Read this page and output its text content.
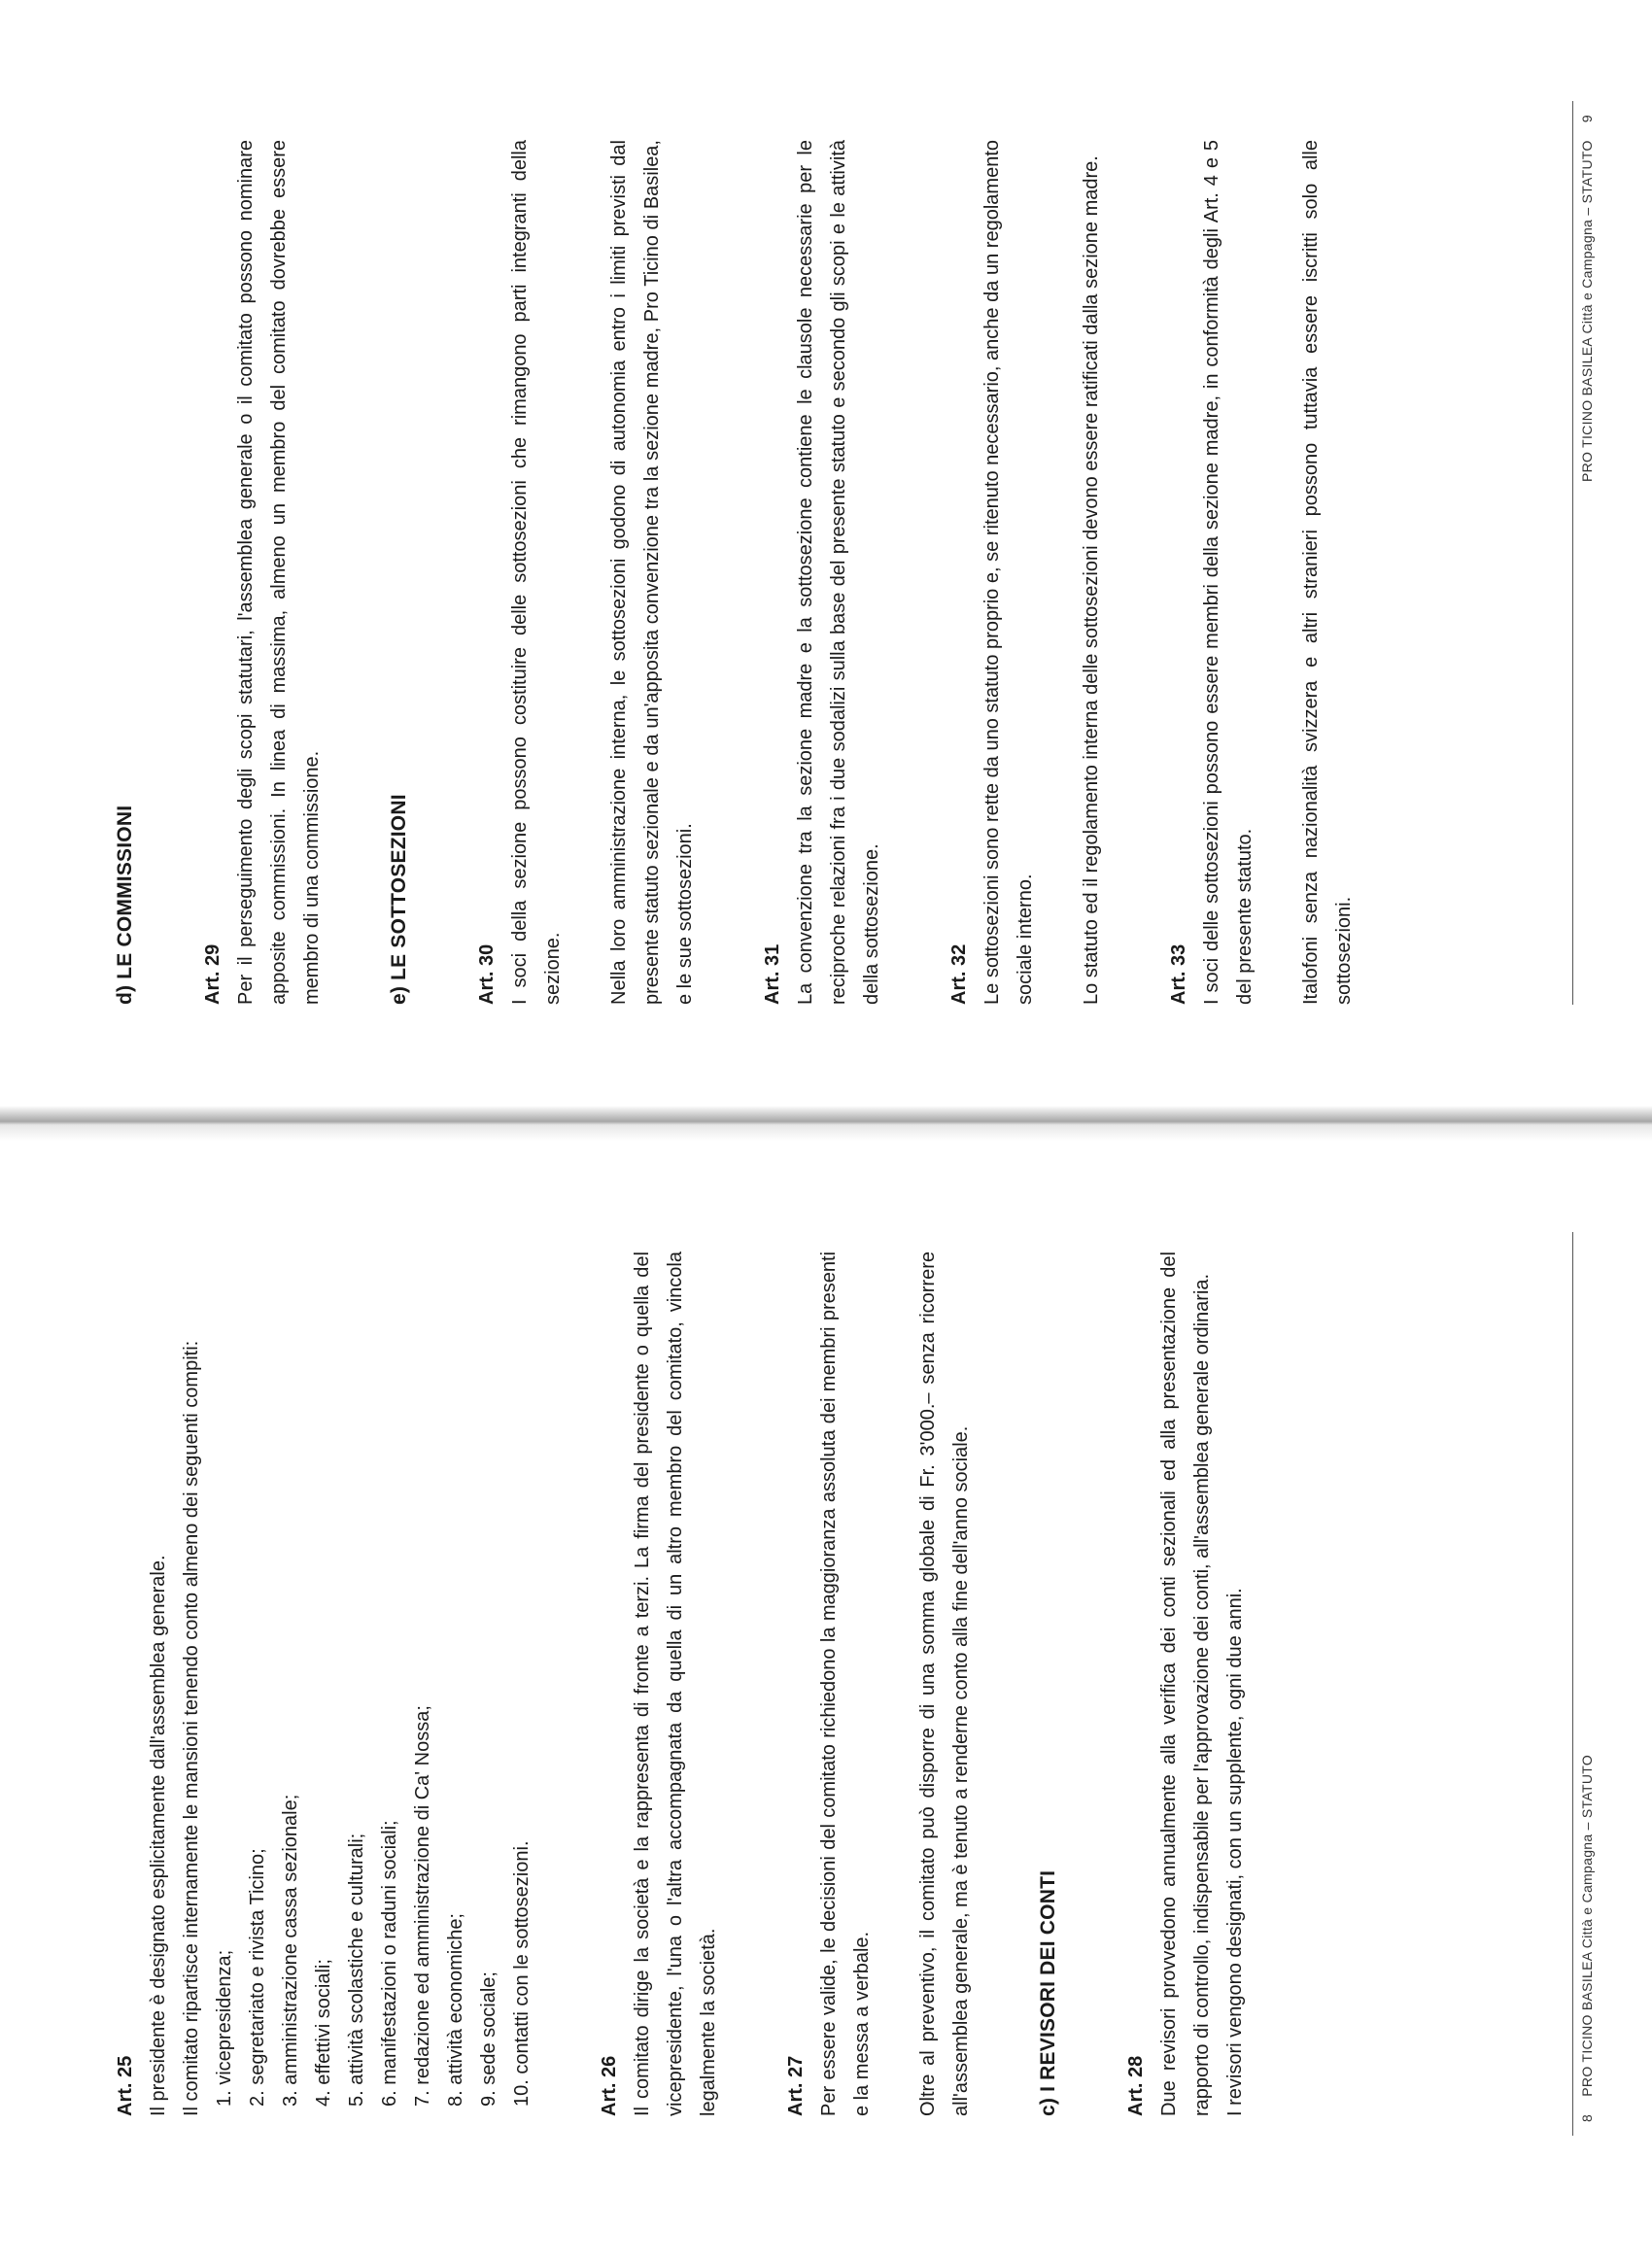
Art. 25 Il presidente è designato esplicitamente dall'assemblea generale. Il comitato ripartisce internamente le mansioni tenendo conto almeno dei seguenti compiti: 1. vicepresidenza; 2. segretariato e rivista Ticino; 3. amministrazione cassa sezionale; 4. effettivi sociali; 5. attività scolastiche e culturali; 6. manifestazioni o raduni sociali; 7. redazione ed amministrazione di Ca' Nossa; 8. attività economiche; 9. sede sociale; 10. contatti con le sottosezioni.	Art. 26 Il comitato dirige la società e la rappresenta di fronte a terzi. La firma del presidente o quella del vicepresidente, l'una o l'altra accompagnata da quella di un altro membro del comitato, vincola legalmente la società.	Art. 27 Per essere valide, le decisioni del comitato richiedono la maggioranza assoluta dei membri presenti e la messa a verbale.	Oltre al preventivo, il comitato può disporre di una somma globale di Fr. 3'000.– senza ricorrere all'assemblea generale, ma è tenuto a renderne conto alla fine dell'anno sociale.	c) I REVISORI DEI CONTI	Art. 28 Due revisori provvedono annualmente alla verifica dei conti sezionali ed alla presentazione del rapporto di controllo, indispensabile per l'approvazione dei conti, all'assemblea generale ordinaria. I revisori vengono designati, con un supplente, ogni due anni.

8 PRO TICINO BASILEA Città e Campagna – STATUTO

d) LE COMMISSIONI	Art. 29 Per il perseguimento degli scopi statutari, l'assemblea generale o il comitato possono nominare apposite commissioni. In linea di massima, almeno un membro del comitato dovrebbe essere membro di una commissione.	e) LE SOTTOSEZIONI	Art. 30 I soci della sezione possono costituire delle sottosezioni che rimangono parti integranti della sezione.	Nella loro amministrazione interna, le sottosezioni godono di autonomia entro i limiti previsti dal presente statuto sezionale e da un'apposita convenzione tra la sezione madre, Pro Ticino di Basilea, e le sue sottosezioni.	Art. 31 La convenzione tra la sezione madre e la sottosezione contiene le clausole necessarie per le reciproche relazioni fra i due sodalizi sulla base del presente statuto e secondo gli scopi e le attività della sottosezione.	Art. 32 Le sottosezioni sono rette da uno statuto proprio e, se ritenuto necessario, anche da un regolamento sociale interno.	Lo statuto ed il regolamento interna delle sottosezioni devono essere ratificati dalla sezione madre.	Art. 33 I soci delle sottosezioni possono essere membri della sezione madre, in conformità degli Art. 4 e 5 del presente statuto.	Italofoni senza nazionalità svizzera e altri stranieri possono tuttavia essere iscritti solo alle sottosezioni.

PRO TICINO BASILEA Città e Campagna – STATUTO 9
